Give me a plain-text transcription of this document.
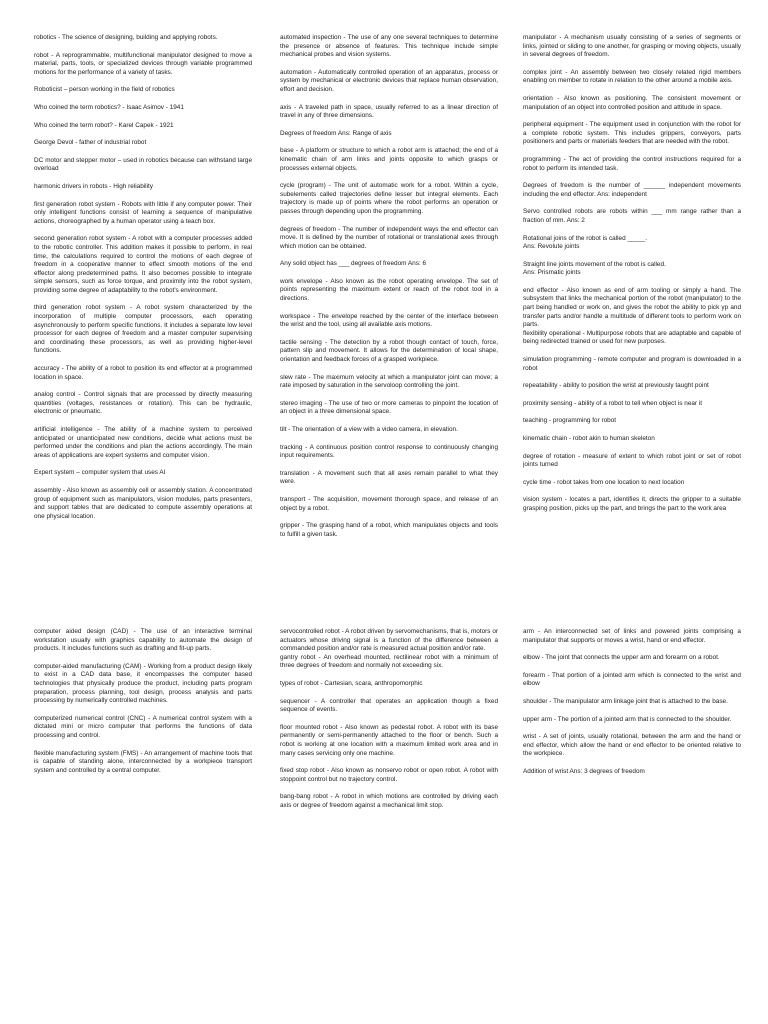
robotics - The science of designing, building and applying robots.

robot - A reprogrammable, multifunctional manipulator designed to move a material, parts, tools, or specialized devices through variable programmed motions for the performance of a variety of tasks.

Roboticist – person working in the field of robotics

Who coined the term robotics? - Isaac Asimov - 1941

Who coined the term robot? - Karel Capek - 1921

George Devol - father of industrial robot

DC motor and stepper motor – used in robotics because can withstand large overload

harmonic drivers in robots - High reliability

first generation robot system - Robots with little if any computer power. Their only intelligent functions consist of learning a sequence of manipulative actions, choreographed by a human operator using a teach box.

second generation robot system - A robot with a computer processes added to the robotic controller. This addition makes it possible to perform, in real time, the calculations required to control the motions of each degree of freedom in a cooperative manner to effect smooth motions of the end effector along predetermined paths. It also becomes possible to integrate simple sensors, such as force torque, and proximity into the robot system, providing some degree of adaptability to the robot's environment.

third generation robot system - A robot system characterized by the incorporation of multiple computer processors, each operating asynchronously to perform specific functions. It includes a separate low level processor for each degree of freedom and a master computer supervising and coordinating these processors, as well as providing higher-level functions.

accuracy - The ability of a robot to position its end effector at a programmed location in space.

analog control - Control signals that are processed by directly measuring quantities (voltages, resistances or rotation). This can be hydraulic, electronic or pneumatic.

artificial intelligence - The ability of a machine system to perceived anticipated or unanticipated new conditions, decide what actions must be performed under the conditions and plan the actions accordingly. The main areas of applications are expert systems and computer vision.

Expert system – computer system that uses AI

assembly - Also known as assembly cell or assembly station. A concentrated group of equipment such as manipulators, vision modules, parts presenters, and support tables that are dedicated to compute assembly operations at one physical location.

automated inspection - The use of any one several techniques to determine the presence or absence of features. This technique include simple mechanical probes and vision systems.

automation - Automatically controlled operation of an apparatus, process or system by mechanical or electronic devices that replace human observation, effort and decision.

axis - A traveled path in space, usually referred to as a linear direction of travel in any of three dimensions.

Degrees of freedom Ans: Range of axis

base - A platform or structure to which a robot arm is attached; the end of a kinematic chain of arm links and joints opposite to which grasps or processes external objects.

cycle (program) - The unit of automatic work for a robot. Within a cycle, subelements called trajectories define lesser but integral elements. Each trajectory is made up of points where the robot performs an operation or passes through depending upon the programming.

degrees of freedom - The number of independent ways the end effector can move. It is defined by the number of rotational or translational axes through which motion can be obtained.

Any solid object has ___ degrees of freedom Ans: 6

work envelope - Also known as the robot operating envelope. The set of points representing the maximum extent or reach of the robot tool in a directions.

workspace - The envelope reached by the center of the interface between the wrist and the tool, using all available axis motions.

tactile sensing - The detection by a robot though contact of touch, force, pattern slip and movement. It allows for the determination of local shape, orientation and feedback forces of a grasped workpiece.

slew rate - The maximum velocity at which a manipulator joint can move; a rate imposed by saturation in the servoloop controlling the joint.

stereo imaging - The use of two or more cameras to pinpoint the location of an object in a three dimensional space.

tilt - The orientation of a view with a video camera, in elevation.

tracking - A continuous position control response to continuously changing input requirements.

translation - A movement such that all axes remain parallel to what they were.

transport - The acquisition, movement thorough space, and release of an object by a robot.

gripper - The grasping hand of a robot, which manipulates objects and tools to fulfill a given task.

manipulator - A mechanism usually consisting of a series of segments or links, jointed or sliding to one another, for grasping or moving objects, usually in several degrees of freedom.

complex joint - An assembly between two closely related rigid members enabling on member to rotate in relation to the other around a mobile axis.

orientation - Also known as positioning. The consistent movement or manipulation of an object into controlled position and attitude in space.

peripheral equipment - The equipment used in conjunction with the robot for a complete robotic system. This includes grippers, conveyors, parts positioners and parts or materials feeders that are needed with the robot.

programming - The act of providing the control instructions required for a robot to perform its intended task.

Degrees of freedom is the number of ______ independent movements including the end effector. Ans: independent

Servo controlled robots are robots within ___ mm range rather than a fraction of mm. Ans: 2

Rotational joins of the robot is called _____.
Ans: Revolute joints

Straight line joints movement of the robot is called.
Ans: Prismatic joints

end effector - Also known as end of arm tooling or simply a hand. The subsystem that links the mechanical portion of the robot (manipulator) to the part being handled or work on, and gives the robot the ability to pick yp and transfer parts and/or handle a multitude of different tools to perform work on parts.
flexibility operational - Multipurpose robots that are adaptable and capable of being redirected trained or used for new purposes.

simulation programming - remote computer and program is downloaded in a robot

repeatability - ability to position the wrist at previously taught point

proximity sensing - ability of a robot to tell when object is near it

teaching - programming for robot

kinematic chain - robot akin to human skeleton

degree of rotation - measure of extent to which robot joint or set of robot joints turned

cycle time - robot takes from one location to next location

vision system - locates a part, identifies it, directs the gripper to a suitable grasping position, picks up the part, and brings the part to the work area

computer aided design (CAD) - The use of an interactive terminal workstation usually with graphics capability to automate the design of products. It includes functions such as drafting and fit-up parts.

computer-aided manufacturing (CAM) - Working from a product design likely to exist in a CAD data base, it encompasses the computer based technologies that physically produce the product, including parts program preparation, process planning, tool design, process analysis and parts processing by numerically controlled machines.

computerized numerical control (CNC) - A numerical control system with a dictated mini or micro computer that performs the functions of data processing and control.

flexible manufacturing system (FMS) - An arrangement of machine tools that is capable of standing alone, interconnected by a workpiece transport system and controlled by a central computer.

servocontrolled robot - A robot driven by servomechanisms, that is, motors or actuators whose driving signal is a function of the difference between a commanded position and/or rate is measured actual position and/or rate.
gantry robot - An overhead mounted, rectilinear robot with a minimum of three degrees of freedom and normally not exceeding six.

types of robot - Cartesian, scara, anthropomorphic

sequencer - A controller that operates an application though a fixed sequence of events.

floor mounted robot - Also known as pedestal robot. A robot with its base permanently or semi-permanently attached to the floor or bench. Such a robot is working at one location with a maximum limited work area and in many cases servicing only one machine.

fixed stop robot - Also known as nonservo robot or open robot. A robot with stoppoint control but no trajectory control.

bang-bang robot - A robot in which motions are controlled by driving each axis or degree of freedom against a mechanical limit stop.

arm - An interconnected set of links and powered joints comprising a manipulator that supports or moves a wrist, hand or end effector.

elbow - The joint that connects the upper arm and forearm on a robot.

forearm - That portion of a jointed arm which is connected to the wrist and elbow

shoulder - The manipulator arm linkage joint that is attached to the base.

upper arm - The portion of a jointed arm that is connected to the shoulder.

wrist - A set of joints, usually rotational, between the arm and the hand or end effector, which allow the hand or end effector to be oriented relative to the workpiece.

Addition of wrist Ans: 3 degrees of freedom
